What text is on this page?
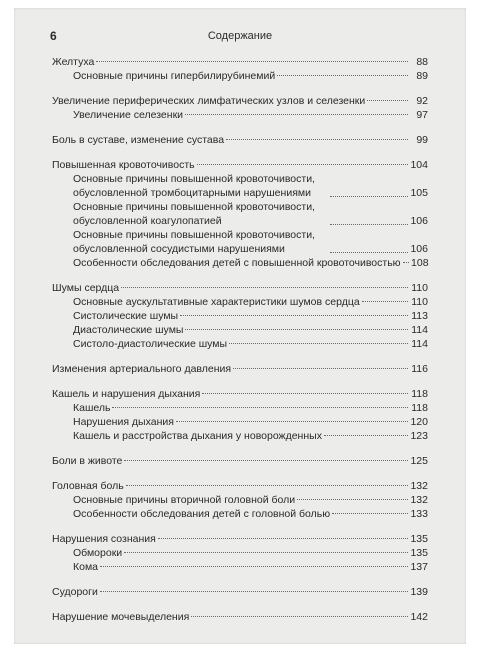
6	Содержание
Желтуха	88
Основные причины гипербилирубинемий	89
Увеличение периферических лимфатических узлов и селезенки	92
Увеличение селезенки	97
Боль в суставе, изменение сустава	99
Повышенная кровоточивость	104
Основные причины повышенной кровоточивости, обусловленной тромбоцитарными нарушениями	105
Основные причины повышенной кровоточивости, обусловленной коагулопатией	106
Основные причины повышенной кровоточивости, обусловленной сосудистыми нарушениями	106
Особенности обследования детей с повышенной кровоточивостью 108
Шумы сердца	110
Основные аускультативные характеристики шумов сердца	110
Систолические шумы	113
Диастолические шумы	114
Систоло-диастолические шумы	114
Изменения артериального давления	116
Кашель и нарушения дыхания	118
Кашель	118
Нарушения дыхания	120
Кашель и расстройства дыхания у новорожденных	123
Боли в животе	125
Головная боль	132
Основные причины вторичной головной боли	132
Особенности обследования детей с головной болью	133
Нарушения сознания	135
Обмороки	135
Кома	137
Судороги	139
Нарушение мочевыделения	142
